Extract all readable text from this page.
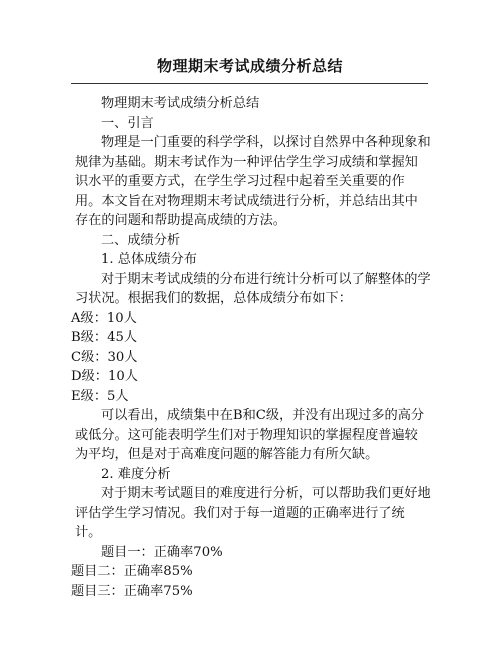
物理期末考试成绩分析总结

物理期末考试成绩分析总结

一、引言

物理是一门重要的科学学科，以探讨自然界中各种现象和规律为基础。期末考试作为一种评估学生学习成绩和掌握知识水平的重要方式，在学生学习过程中起着至关重要的作用。本文旨在对物理期末考试成绩进行分析，并总结出其中存在的问题和帮助提高成绩的方法。

二、成绩分析

1. 总体成绩分布

对于期末考试成绩的分布进行统计分析可以了解整体的学习状况。根据我们的数据，总体成绩分布如下：

A级：10人

B级：45人

C级：30人

D级：10人

E级：5人

可以看出，成绩集中在B和C级，并没有出现过多的高分或低分。这可能表明学生们对于物理知识的掌握程度普遍较为平均，但是对于高难度问题的解答能力有所欠缺。

2. 难度分析

对于期末考试题目的难度进行分析，可以帮助我们更好地评估学生学习情况。我们对于每一道题的正确率进行了统计。

题目一：正确率70%

题目二：正确率85%

题目三：正确率75%
